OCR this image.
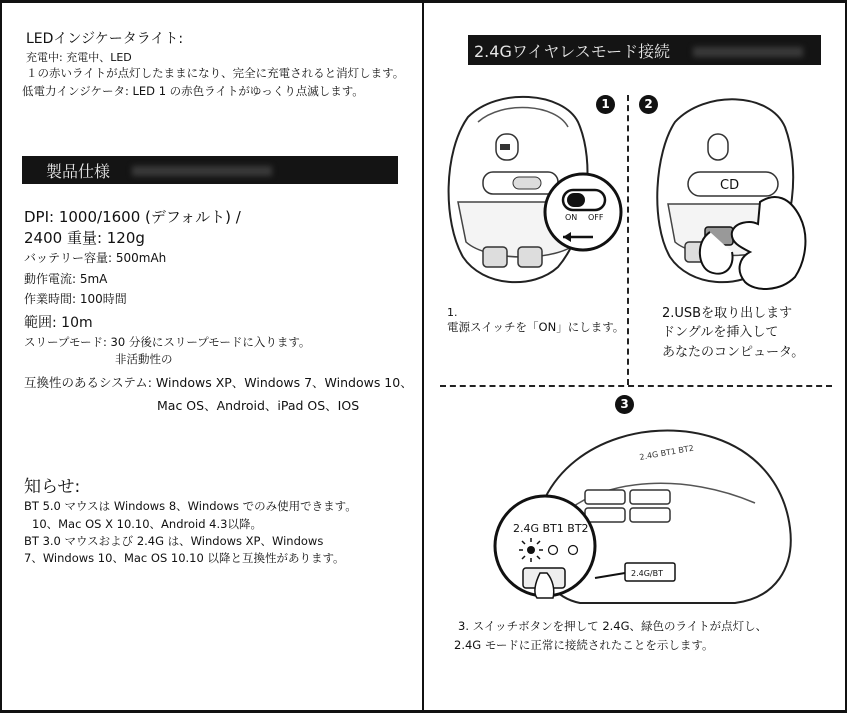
LEDインジケータライト:
充電中: 充電中、LED
１の赤いライトが点灯したままになり、完全に充電されると消灯します。
低電力インジケータ: LED 1 の赤色ライトがゆっくり点滅します。
製品仕様
DPI: 1000/1600 (デフォルト) /
2400 重量: 120g
バッテリー容量: 500mAh
動作電流: 5mA
作業時間: 100時間
範囲: 10m
スリープモード: 30 分後にスリープモードに入ります。
非活動性の
互換性のあるシステム: Windows XP、Windows 7、Windows 10、
Mac OS、Android、iPad OS、IOS
知らせ:
BT 5.0 マウスは Windows 8、Windows でのみ使用できます。
10、Mac OS X 10.10、Android 4.3以降。
BT 3.0 マウスおよび 2.4G は、Windows XP、Windows
7、Windows 10、Mac OS 10.10 以降と互換性があります。
2.4Gワイヤレスモード接続
1	2
3
ON OFF
CD
1.
電源スイッチを「ON」にします。
2.USBを取り出します
ドングルを挿入して
あなたのコンピュータ。
2.4G BT1 BT2
2.4G BT1 BT2
2.4G/BT
3. スイッチボタンを押して 2.4G、緑色のライトが点灯し、
2.4G モードに正常に接続されたことを示します。
